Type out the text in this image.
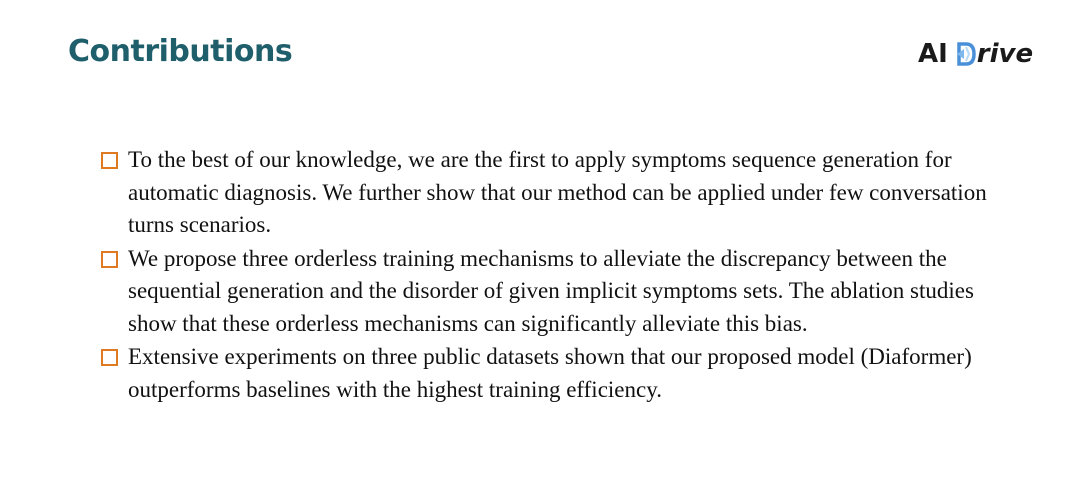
Contributions	AI rive
To the best of our knowledge, we are the first to apply symptoms sequence generation for automatic diagnosis. We further show that our method can be applied under few conversation turns scenarios.
We propose three orderless training mechanisms to alleviate the discrepancy between the sequential generation and the disorder of given implicit symptoms sets. The ablation studies show that these orderless mechanisms can significantly alleviate this bias.
Extensive experiments on three public datasets shown that our proposed model (Diaformer) outperforms baselines with the highest training efficiency.
